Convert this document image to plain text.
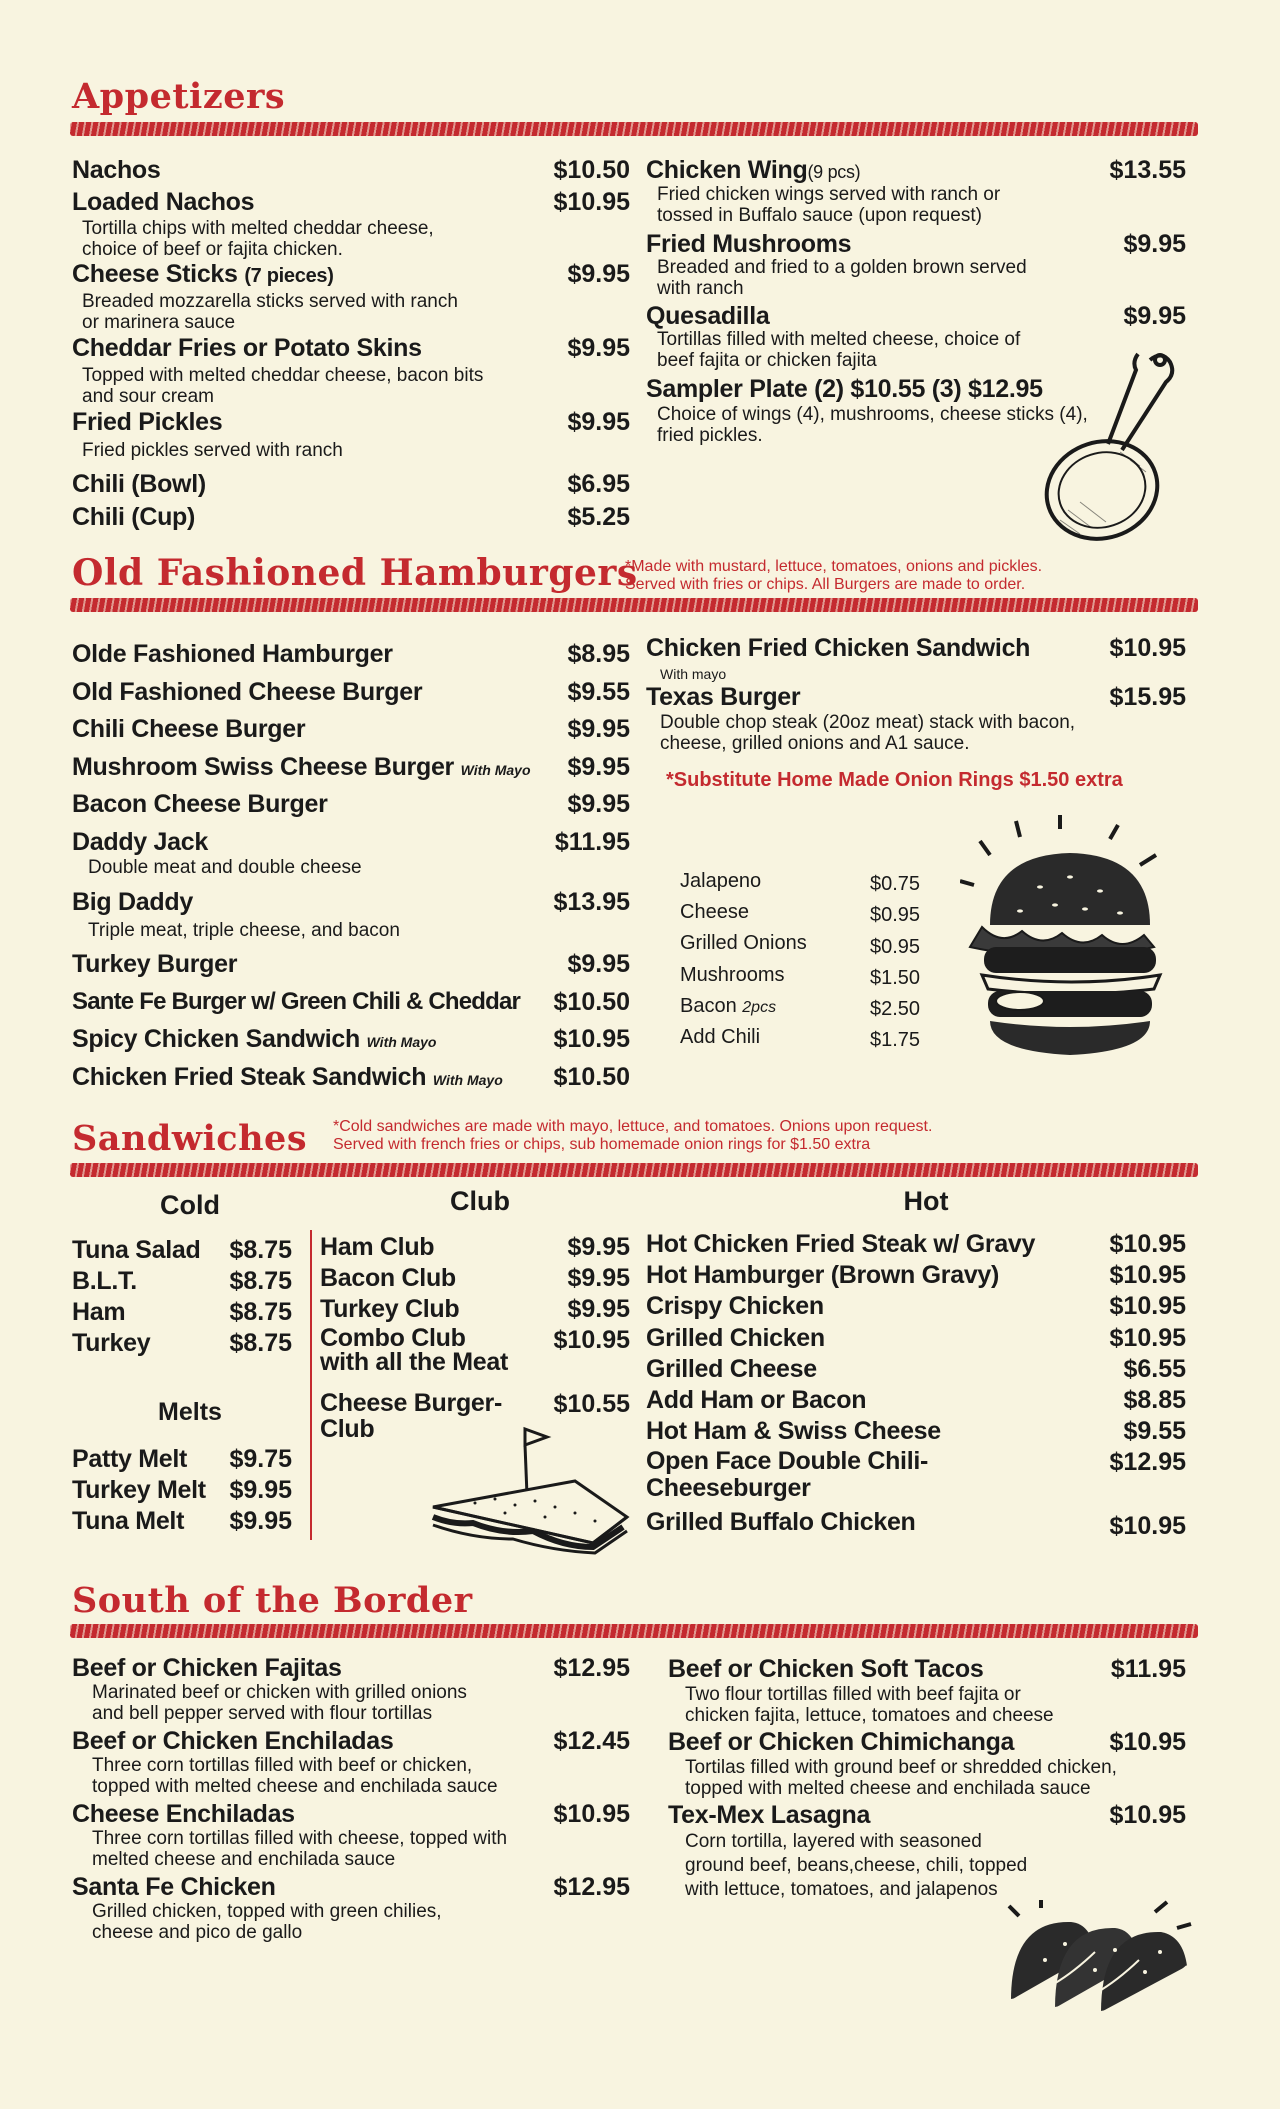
Appetizers
Nachos	$10.50
Loaded Nachos	$10.95
Tortilla chips with melted cheddar cheese,
choice of beef or fajita chicken.
Cheese Sticks (7 pieces)	$9.95
Breaded mozzarella sticks served with ranch
or marinera sauce
Cheddar Fries or Potato Skins	$9.95
Topped with melted cheddar cheese, bacon bits
and sour cream
Fried Pickles	$9.95
Fried pickles served with ranch
Chili (Bowl)	$6.95
Chili (Cup)	$5.25
Chicken Wing(9 pcs)	$13.55
Fried chicken wings served with ranch or
tossed in Buffalo sauce (upon request)
Fried Mushrooms	$9.95
Breaded and fried to a golden brown served
with ranch
Quesadilla	$9.95
Tortillas filled with melted cheese, choice of
beef fajita or chicken fajita
Sampler Plate (2) $10.55 (3) $12.95
Choice of wings (4), mushrooms, cheese sticks (4),
fried pickles.
Old Fashioned Hamburgers
*Made with mustard, lettuce, tomatoes, onions and pickles.
Served with fries or chips. All Burgers are made to order.
Olde Fashioned Hamburger	$8.95
Old Fashioned Cheese Burger	$9.55
Chili Cheese Burger	$9.95
Mushroom Swiss Cheese Burger With Mayo	$9.95
Bacon Cheese Burger	$9.95
Daddy Jack	$11.95
Double meat and double cheese
Big Daddy	$13.95
Triple meat, triple cheese, and bacon
Turkey Burger	$9.95
Sante Fe Burger w/ Green Chili & Cheddar	$10.50
Spicy Chicken Sandwich With Mayo	$10.95
Chicken Fried Steak Sandwich With Mayo	$10.50
Chicken Fried Chicken Sandwich	$10.95
With mayo
Texas Burger	$15.95
Double chop steak (20oz meat) stack with bacon,
cheese, grilled onions and A1 sauce.
*Substitute Home Made Onion Rings $1.50 extra
Jalapeno	$0.75
Cheese	$0.95
Grilled Onions	$0.95
Mushrooms	$1.50
Bacon 2pcs	$2.50
Add Chili	$1.75
Sandwiches *Cold sandwiches are made with mayo, lettuce, and tomatoes. Onions upon request.
Served with french fries or chips, sub homemade onion rings for $1.50 extra
Cold	Club	Hot
Tuna Salad	$8.75
B.L.T.	$8.75
Ham	$8.75
Turkey	$8.75
Melts
Patty Melt	$9.75
Turkey Melt $9.95
Tuna Melt	$9.95
Ham Club	$9.95
Bacon Club	$9.95
Turkey Club	$9.95
Combo Club
with all the Meat
$10.95
Cheese Burger-
Club
$10.55
Hot Chicken Fried Steak w/ Gravy	$10.95
Hot Hamburger (Brown Gravy)	$10.95
Crispy Chicken	$10.95
Grilled Chicken	$10.95
Grilled Cheese	$6.55
Add Ham or Bacon	$8.85
Hot Ham & Swiss Cheese	$9.55
Open Face Double Chili-
Cheeseburger
$12.95
Grilled Buffalo Chicken	$10.95
South of the Border
Beef or Chicken Fajitas	$12.95
Marinated beef or chicken with grilled onions
and bell pepper served with flour tortillas
Beef or Chicken Enchiladas	$12.45
Three corn tortillas filled with beef or chicken,
topped with melted cheese and enchilada sauce
Cheese Enchiladas	$10.95
Three corn tortillas filled with cheese, topped with
melted cheese and enchilada sauce
Santa Fe Chicken	$12.95
Grilled chicken, topped with green chilies,
cheese and pico de gallo
Beef or Chicken Soft Tacos	$11.95
Two flour tortillas filled with beef fajita or
chicken fajita, lettuce, tomatoes and cheese
Beef or Chicken Chimichanga	$10.95
Tortilas filled with ground beef or shredded chicken,
topped with melted cheese and enchilada sauce
Tex-Mex Lasagna	$10.95
Corn tortilla, layered with seasoned
ground beef, beans,cheese, chili, topped
with lettuce, tomatoes, and jalapenos
